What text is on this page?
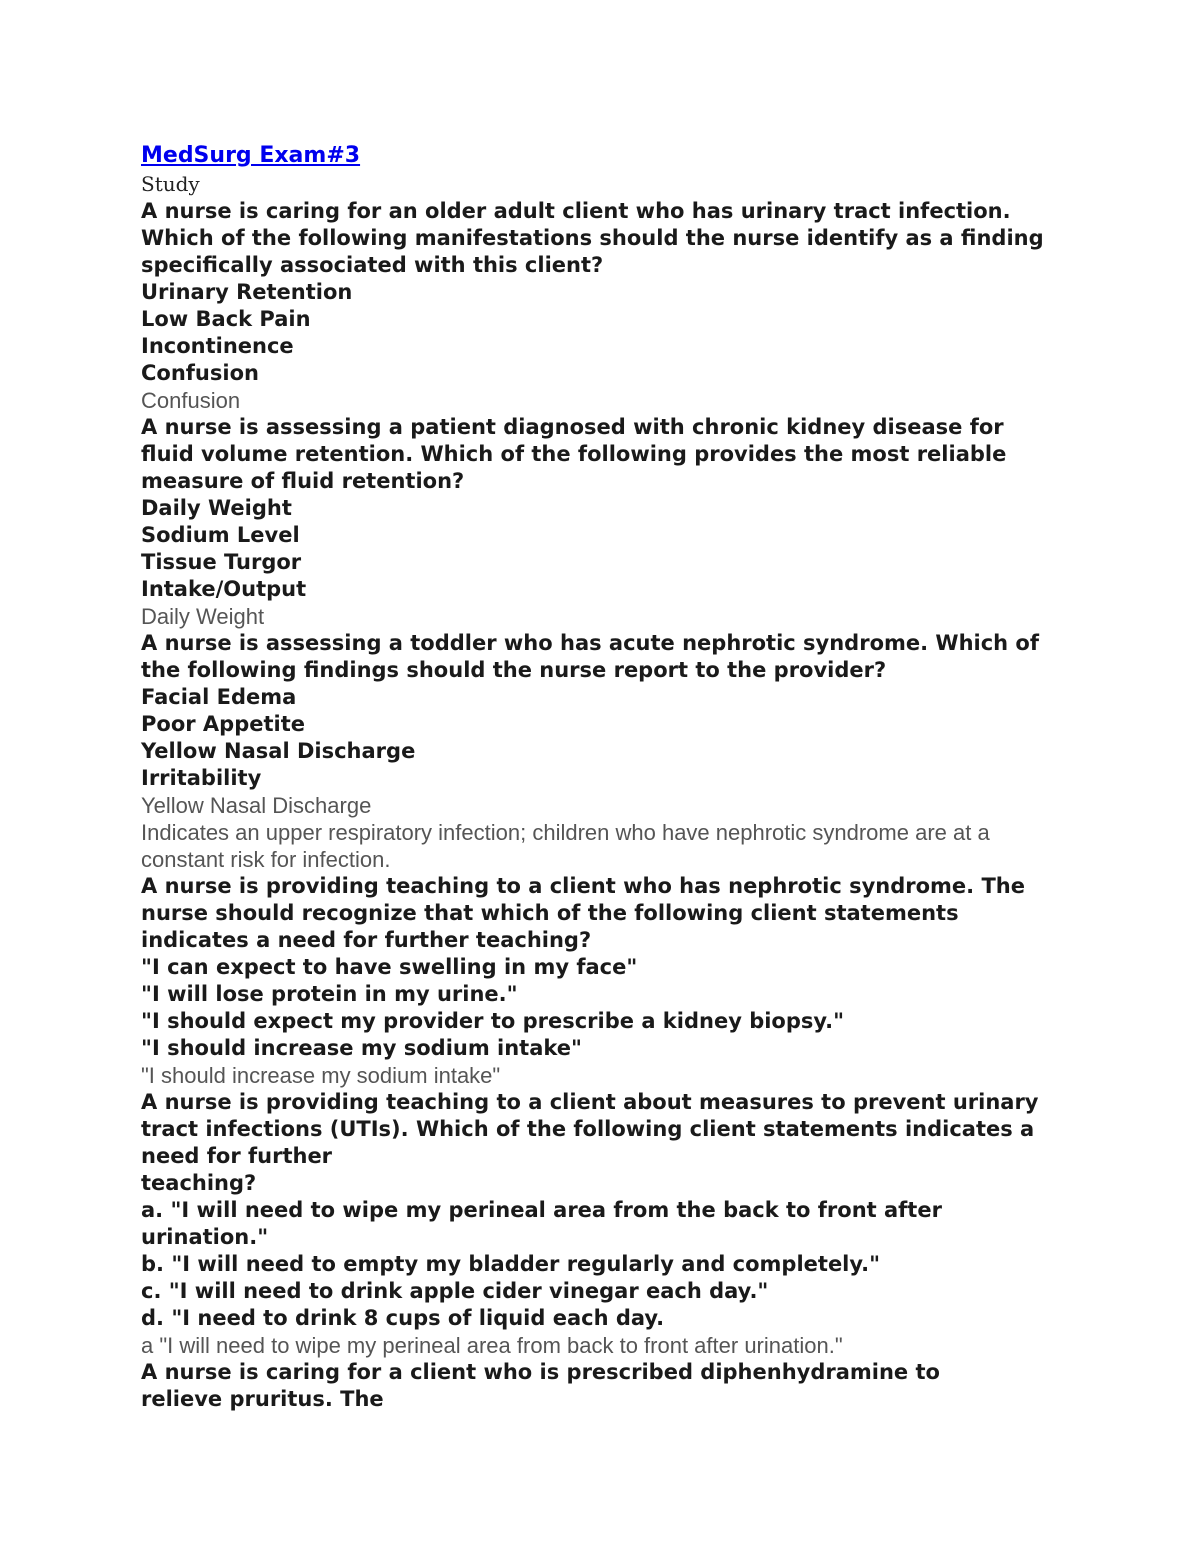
MedSurg Exam#3

Study

A nurse is caring for an older adult client who has urinary tract infection. Which of the following manifestations should the nurse identify as a finding specifically associated with this client?

Urinary Retention

Low Back Pain

Incontinence

Confusion

Confusion

A nurse is assessing a patient diagnosed with chronic kidney disease for fluid volume retention. Which of the following provides the most reliable measure of fluid retention?

Daily Weight

Sodium Level

Tissue Turgor

Intake/Output

Daily Weight

A nurse is assessing a toddler who has acute nephrotic syndrome. Which of the following findings should the nurse report to the provider?

Facial Edema

Poor Appetite

Yellow Nasal Discharge

Irritability

Yellow Nasal Discharge

Indicates an upper respiratory infection; children who have nephrotic syndrome are at a constant risk for infection.

A nurse is providing teaching to a client who has nephrotic syndrome. The nurse should recognize that which of the following client statements indicates a need for further teaching?

"I can expect to have swelling in my face"

"I will lose protein in my urine."

"I should expect my provider to prescribe a kidney biopsy."

"I should increase my sodium intake"

"I should increase my sodium intake"

A nurse is providing teaching to a client about measures to prevent urinary tract infections (UTIs). Which of the following client statements indicates a need for further

teaching?

a. "I will need to wipe my perineal area from the back to front after urination."

b. "I will need to empty my bladder regularly and completely."

c. "I will need to drink apple cider vinegar each day."

d. "I need to drink 8 cups of liquid each day.

a "I will need to wipe my perineal area from back to front after urination."

A nurse is caring for a client who is prescribed diphenhydramine to relieve pruritus. The
